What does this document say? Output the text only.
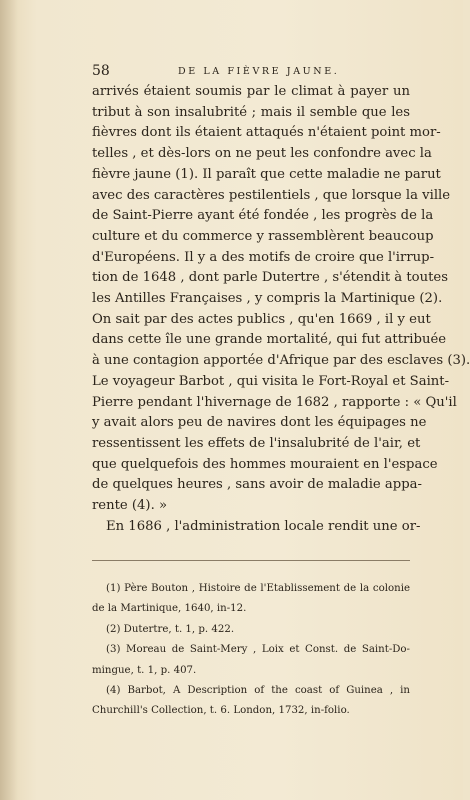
58	DE LA FIÈVRE JAUNE.
arrivés étaient soumis par le climat à payer un
tribut à son insalubrité ; mais il semble que les
fièvres dont ils étaient attaqués n'étaient point mor-
telles , et dès-lors on ne peut les confondre avec la
fièvre jaune (1). Il paraît que cette maladie ne parut
avec des caractères pestilentiels , que lorsque la ville
de Saint-Pierre ayant été fondée , les progrès de la
culture et du commerce y rassemblèrent beaucoup
d'Européens. Il y a des motifs de croire que l'irrup-
tion de 1648 , dont parle Dutertre , s'étendit à toutes
les Antilles Françaises , y compris la Martinique (2).
On sait par des actes publics , qu'en 1669 , il y eut
dans cette île une grande mortalité, qui fut attribuée
à une contagion apportée d'Afrique par des esclaves (3).
Le voyageur Barbot , qui visita le Fort-Royal et Saint-
Pierre pendant l'hivernage de 1682 , rapporte : « Qu'il
y avait alors peu de navires dont les équipages ne
ressentissent les effets de l'insalubrité de l'air, et
que quelquefois des hommes mouraient en l'espace
de quelques heures , sans avoir de maladie appa-
rente (4). »
En 1686 , l'administration locale rendit une or-
(1) Père Bouton , Histoire de l'Etablissement de la colonie
de la Martinique, 1640, in-12.
(2) Dutertre, t. 1, p. 422.
(3) Moreau de Saint-Mery , Loix et Const. de Saint-Do-
mingue, t. 1, p. 407.
(4) Barbot, A Description of the coast of Guinea , in
Churchill's Collection, t. 6. London, 1732, in-folio.
